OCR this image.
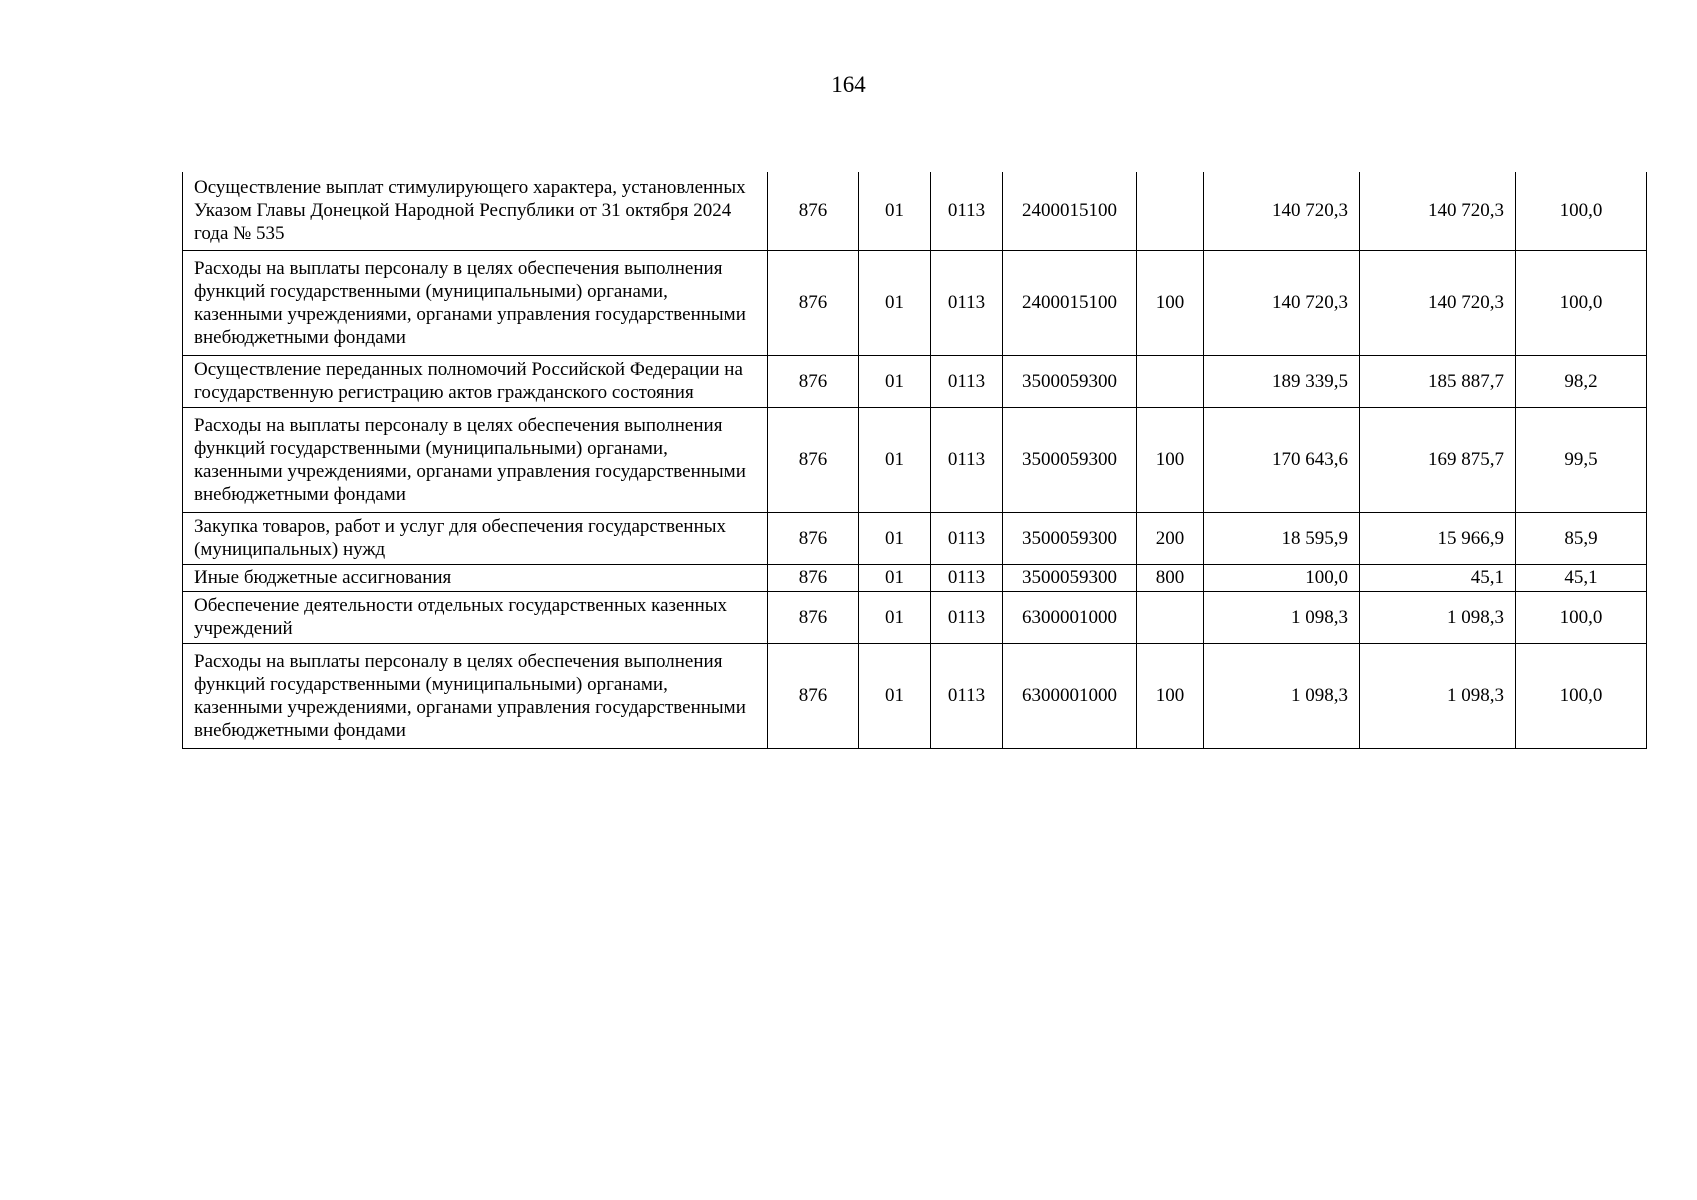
164
Осуществление выплат стимулирующего характера, установленных Указом Главы Донецкой Народной Республики от 31 октября 2024 года № 535	876	01	0113	2400015100		140 720,3	140 720,3	100,0
Расходы на выплаты персоналу в целях обеспечения выполнения функций государственными (муниципальными) органами, казенными учреждениями, органами управления государственными внебюджетными фондами	876	01	0113	2400015100	100	140 720,3	140 720,3	100,0
Осуществление переданных полномочий Российской Федерации на государственную регистрацию актов гражданского состояния	876	01	0113	3500059300		189 339,5	185 887,7	98,2
Расходы на выплаты персоналу в целях обеспечения выполнения функций государственными (муниципальными) органами, казенными учреждениями, органами управления государственными внебюджетными фондами	876	01	0113	3500059300	100	170 643,6	169 875,7	99,5
Закупка товаров, работ и услуг для обеспечения государственных (муниципальных) нужд	876	01	0113	3500059300	200	18 595,9	15 966,9	85,9
Иные бюджетные ассигнования	876	01	0113	3500059300	800	100,0	45,1	45,1
Обеспечение деятельности отдельных государственных казенных учреждений	876	01	0113	6300001000		1 098,3	1 098,3	100,0
Расходы на выплаты персоналу в целях обеспечения выполнения функций государственными (муниципальными) органами, казенными учреждениями, органами управления государственными внебюджетными фондами	876	01	0113	6300001000	100	1 098,3	1 098,3	100,0
